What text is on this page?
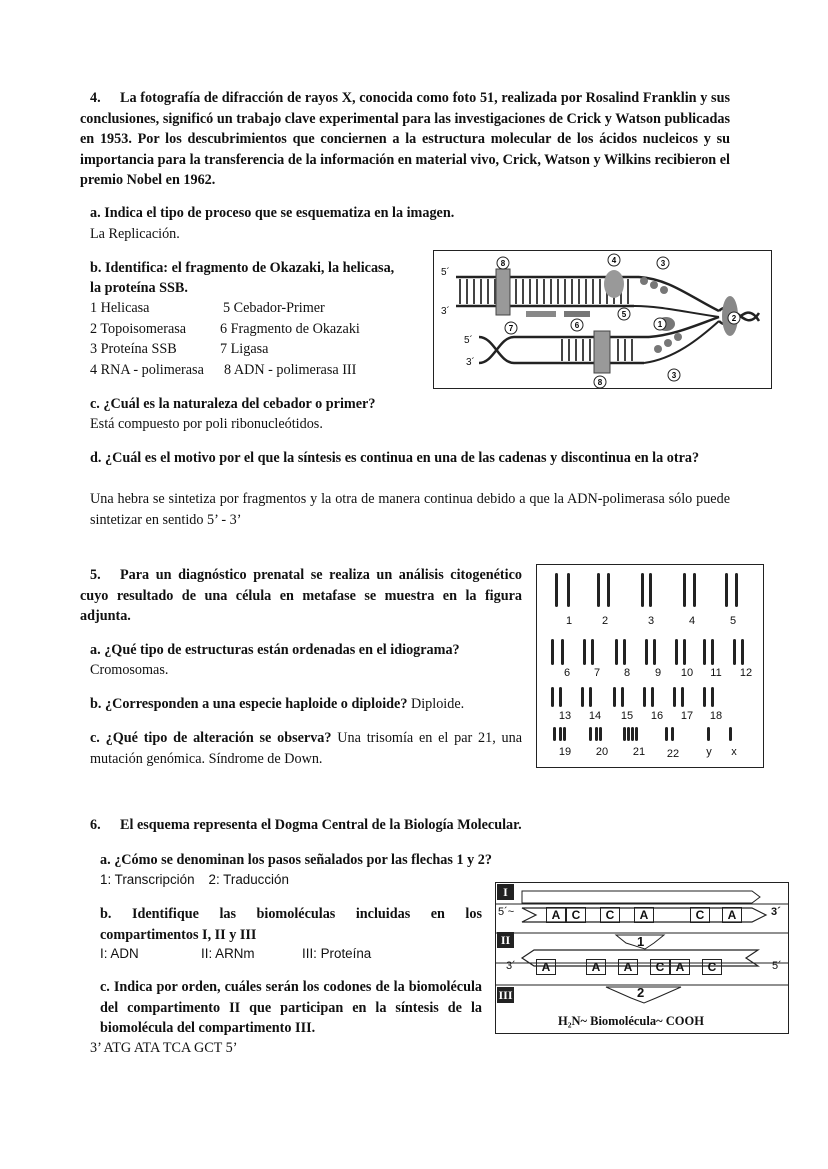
4. La fotografía de difracción de rayos X, conocida como foto 51, realizada por Rosalind Franklin y sus conclusiones, significó un trabajo clave experimental para las investigaciones de Crick y Watson publicadas en 1953. Por los descubrimientos que conciernen a la estructura molecular de los ácidos nucleicos y su importancia para la transferencia de la información en material vivo, Crick, Watson y Wilkins recibieron el premio Nobel en 1962.
a. Indica el tipo de proceso que se esquematiza en la imagen.
La Replicación.
b. Identifica: el fragmento de Okazaki, la helicasa,
la proteína SSB.
1 Helicasa	5 Cebador-Primer
2 Topoisomerasa 6 Fragmento de Okazaki
3 Proteína SSB	7 Ligasa
4 RNA - polimerasa 8 ADN - polimerasa III
8	4	3
5
6
7	1
2
8
3
5´
3´
5´
3´
c. ¿Cuál es la naturaleza del cebador o primer?
Está compuesto por poli ribonucleótidos.
d. ¿Cuál es el motivo por el que la síntesis es continua en una de las cadenas y discontinua en la otra?
Una hebra se sintetiza por fragmentos y la otra de manera continua debido a que la ADN-polimerasa sólo puede sintetizar en sentido 5’ - 3’
5. Para un diagnóstico prenatal se realiza un análisis citogenético cuyo resultado de una célula en metafase se muestra en la figura adjunta.
a. ¿Qué tipo de estructuras están ordenadas en el idiograma?
Cromosomas.
b. ¿Corresponden a una especie haploide o diploide? Diploide.
c. ¿Qué tipo de alteración se observa? Una trisomía en el par 21, una mutación genómica. Síndrome de Down.
1	2	3	4	5
6	7	8	9	10	11	12
13	14	15	16	17	18
19	20	21	22	y	x
6. El esquema representa el Dogma Central de la Biología Molecular.
a. ¿Cómo se denominan los pasos señalados por las flechas 1 y 2?
1: Transcripción 2: Traducción
b. Identifique las biomoléculas incluidas en los compartimentos I, II y III
I: ADN	II: ARNm	III: Proteína
c. Indica por orden, cuáles serán los codones de la biomolécula del compartimento II que participan en la síntesis de la biomolécula del compartimento III.
3’ ATG ATA TCA GCT 5’
I
II
III
5´~	3´
A C C A	C A
3´	5´
A	A A C A C
1
2
H₂N~ Biomolécula~ COOH
